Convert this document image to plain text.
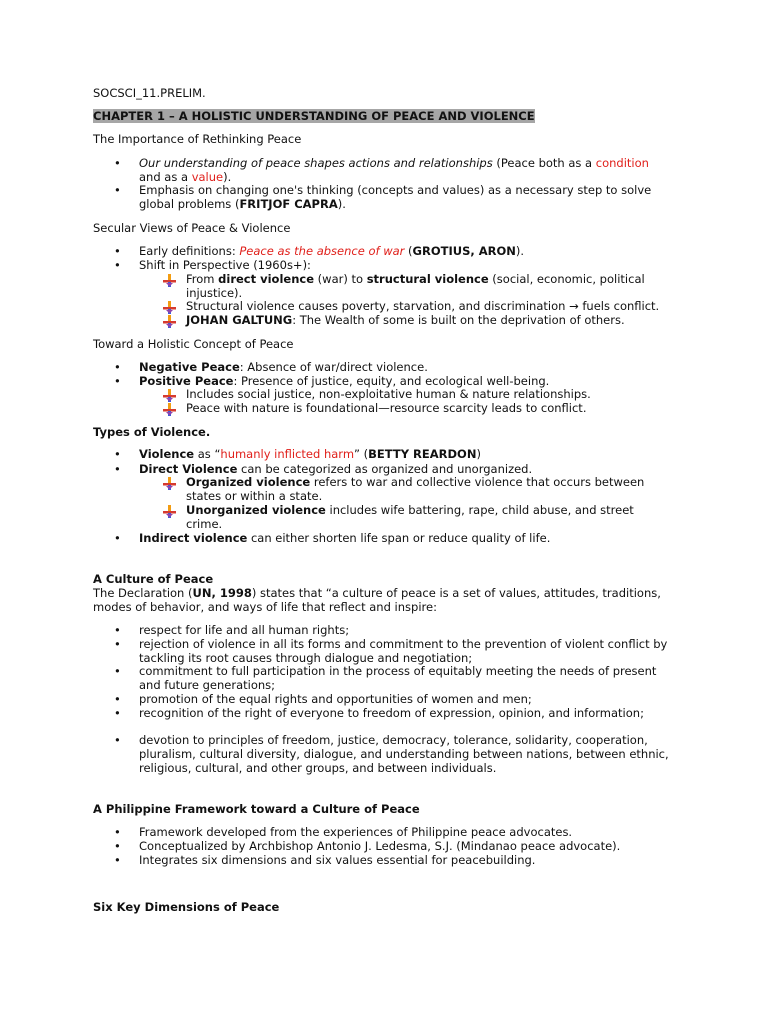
SOCSCI_11.PRELIM.
CHAPTER 1 – A HOLISTIC UNDERSTANDING OF PEACE AND VIOLENCE
The Importance of Rethinking Peace
• Our understanding of peace shapes actions and relationships (Peace both as a condition
and as a value).
• Emphasis on changing one's thinking (concepts and values) as a necessary step to solve
global problems (FRITJOF CAPRA).
Secular Views of Peace & Violence
• Early definitions: Peace as the absence of war (GROTIUS, ARON).
• Shift in Perspective (1960s+):
From direct violence (war) to structural violence (social, economic, political
injustice).
Structural violence causes poverty, starvation, and discrimination → fuels conflict.
JOHAN GALTUNG: The Wealth of some is built on the deprivation of others.
Toward a Holistic Concept of Peace
• Negative Peace: Absence of war/direct violence.
• Positive Peace: Presence of justice, equity, and ecological well-being.
Includes social justice, non-exploitative human & nature relationships.
Peace with nature is foundational—resource scarcity leads to conflict.
Types of Violence.
• Violence as “humanly inflicted harm” (BETTY REARDON)
• Direct Violence can be categorized as organized and unorganized.
Organized violence refers to war and collective violence that occurs between
states or within a state.
Unorganized violence includes wife battering, rape, child abuse, and street
crime.
• Indirect violence can either shorten life span or reduce quality of life.
A Culture of Peace
The Declaration (UN, 1998) states that “a culture of peace is a set of values, attitudes, traditions,
modes of behavior, and ways of life that reflect and inspire:
• respect for life and all human rights;
• rejection of violence in all its forms and commitment to the prevention of violent conflict by
tackling its root causes through dialogue and negotiation;
• commitment to full participation in the process of equitably meeting the needs of present
and future generations;
• promotion of the equal rights and opportunities of women and men;
• recognition of the right of everyone to freedom of expression, opinion, and information;
• devotion to principles of freedom, justice, democracy, tolerance, solidarity, cooperation,
pluralism, cultural diversity, dialogue, and understanding between nations, between ethnic,
religious, cultural, and other groups, and between individuals.
A Philippine Framework toward a Culture of Peace
• Framework developed from the experiences of Philippine peace advocates.
• Conceptualized by Archbishop Antonio J. Ledesma, S.J. (Mindanao peace advocate).
• Integrates six dimensions and six values essential for peacebuilding.
Six Key Dimensions of Peace
